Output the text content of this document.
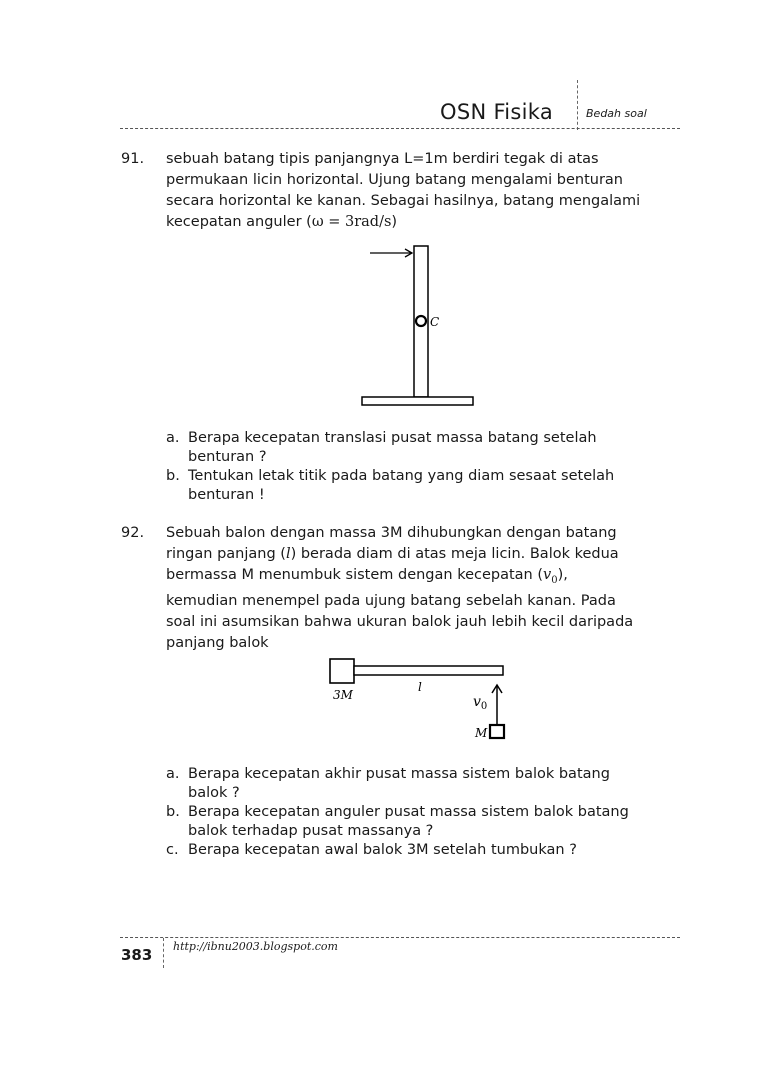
OSN Fisika	Bedah soal
91. sebuah batang tipis panjangnya L=1m berdiri tegak di atas
permukaan licin horizontal. Ujung batang mengalami benturan
secara horizontal ke kanan. Sebagai hasilnya, batang mengalami
kecepatan anguler (ω = 3rad/s)
C
a. Berapa kecepatan translasi pusat massa batang setelah
benturan ?
b. Tentukan letak titik pada batang yang diam sesaat setelah
benturan !
92. Sebuah balon dengan massa 3M dihubungkan dengan batang
ringan panjang (l) berada diam di atas meja licin. Balok kedua
bermassa M menumbuk sistem dengan kecepatan $(v_0)$,
kemudian menempel pada ujung batang sebelah kanan. Pada
soal ini asumsikan bahwa ukuran balok jauh lebih kecil daripada
panjang balok
3M
l
$v_0$
M
a. Berapa kecepatan akhir pusat massa sistem balok batang
balok ?
b. Berapa kecepatan anguler pusat massa sistem balok batang
balok terhadap pusat massanya ?
c. Berapa kecepatan awal balok 3M setelah tumbukan ?
383 http://ibnu2003.blogspot.com
